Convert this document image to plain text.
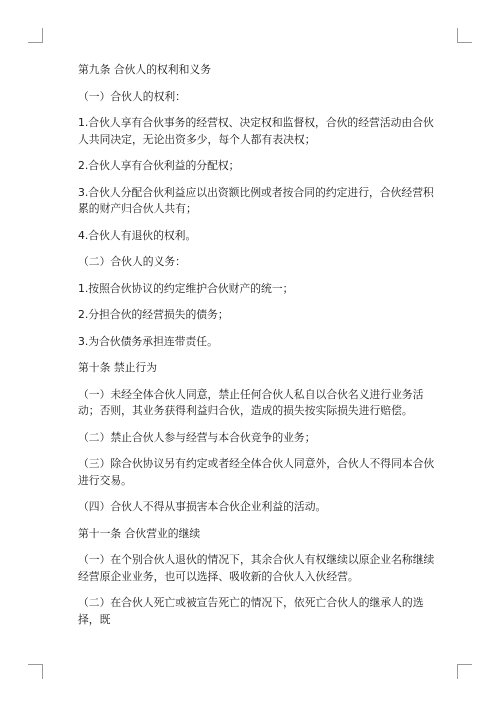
第九条 合伙人的权利和义务

（一）合伙人的权利：

1.合伙人享有合伙事务的经营权、决定权和监督权，合伙的经营活动由合伙人共同决定，无论出资多少，每个人都有表决权；

2.合伙人享有合伙利益的分配权；

3.合伙人分配合伙利益应以出资额比例或者按合同的约定进行，合伙经营积累的财产归合伙人共有；

4.合伙人有退伙的权利。

（二）合伙人的义务：

1.按照合伙协议的约定维护合伙财产的统一；

2.分担合伙的经营损失的债务；

3.为合伙债务承担连带责任。

第十条 禁止行为

（一）未经全体合伙人同意，禁止任何合伙人私自以合伙名义进行业务活动；否则，其业务获得利益归合伙，造成的损失按实际损失进行赔偿。

（二）禁止合伙人参与经营与本合伙竞争的业务；

（三）除合伙协议另有约定或者经全体合伙人同意外，合伙人不得同本合伙进行交易。

（四）合伙人不得从事损害本合伙企业利益的活动。

第十一条 合伙营业的继续

（一）在个别合伙人退伙的情况下，其余合伙人有权继续以原企业名称继续经营原企业业务，也可以选择、吸收新的合伙人入伙经营。

（二）在合伙人死亡或被宣告死亡的情况下，依死亡合伙人的继承人的选择，既
